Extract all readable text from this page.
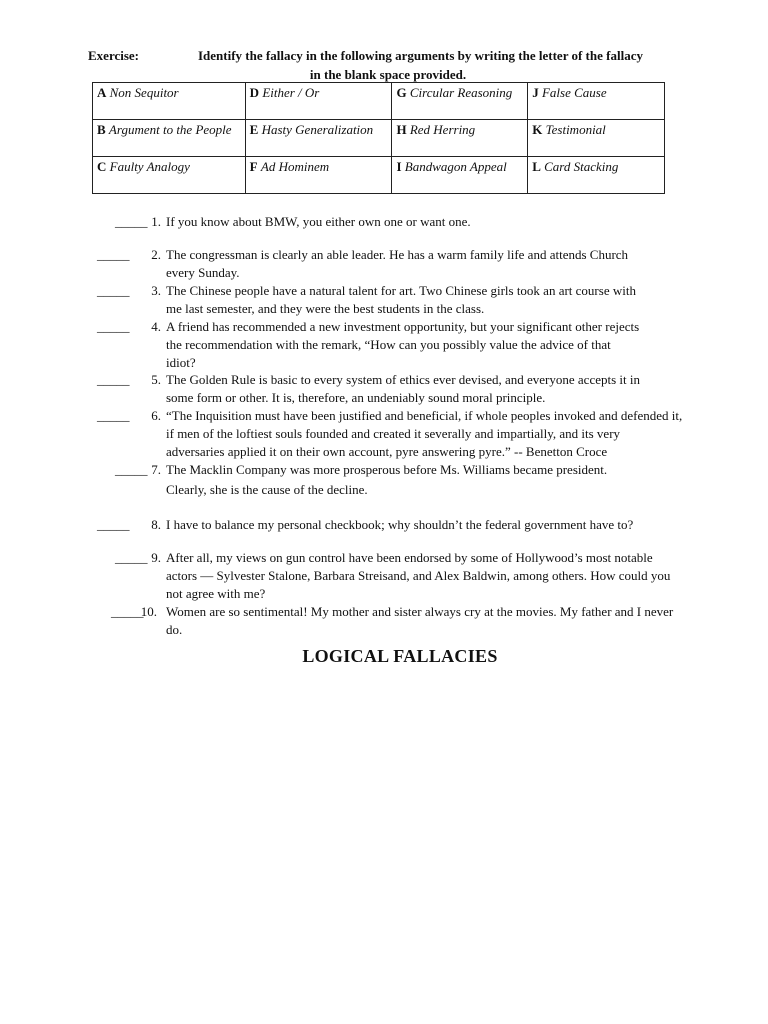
Exercise:	Identify the fallacy in the following arguments by writing the letter of the fallacy
in the blank space provided.
A Non Sequitor	D Either / Or	G Circular Reasoning	J False Cause
B Argument to the People	E Hasty Generalization	H Red Herring	K Testimonial
C Faulty Analogy	F Ad Hominem	I Bandwagon Appeal	L Card Stacking
_____ 1. If you know about BMW, you either own one or want one.
_____	2. The congressman is clearly an able leader. He has a warm family life and attends Church
every Sunday.
_____	3. The Chinese people have a natural talent for art. Two Chinese girls took an art course with
me last semester, and they were the best students in the class.
_____	4. A friend has recommended a new investment opportunity, but your significant other rejects
the recommendation with the remark, “How can you possibly value the advice of that
idiot?
_____	5. The Golden Rule is basic to every system of ethics ever devised, and everyone accepts it in
some form or other. It is, therefore, an undeniably sound moral principle.
_____	6. “The Inquisition must have been justified and beneficial, if whole peoples invoked and defended it,
if men of the loftiest souls founded and created it severally and impartially, and its very
adversaries applied it on their own account, pyre answering pyre.” -- Benetton Croce
_____ 7. The Macklin Company was more prosperous before Ms. Williams became president.
Clearly, she is the cause of the decline.
_____	8. I have to balance my personal checkbook; why shouldn’t the federal government have to?
_____ 9. After all, my views on gun control have been endorsed by some of Hollywood’s most notable
actors — Sylvester Stalone, Barbara Streisand, and Alex Baldwin, among others. How could you
not agree with me?
_____
10. Women are so sentimental! My mother and sister always cry at the movies. My father and I never
do.
LOGICAL FALLACIES
